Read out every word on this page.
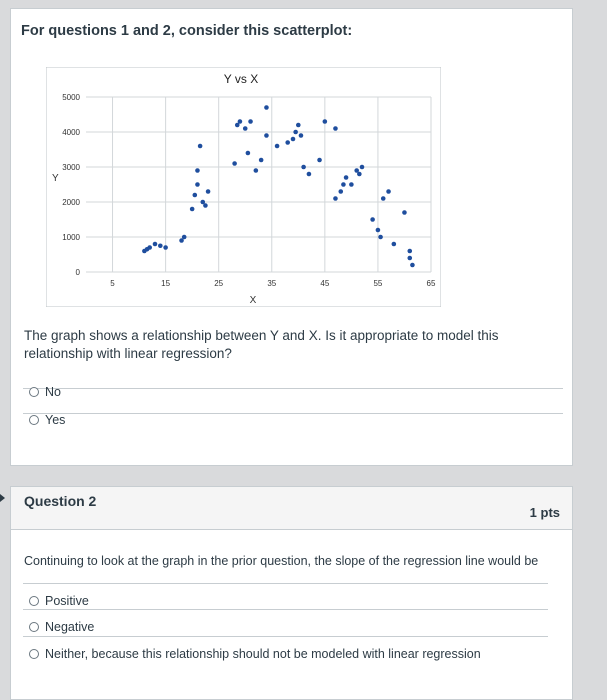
For questions 1 and 2, consider this scatterplot:
Y vs X
Y
X
0
1000
2000
3000
4000
5000
5	15	25	35	45	55	65
The graph shows a relationship between Y and X. Is it appropriate to model this relationship with linear regression?
No
Yes
Question 2
1 pts
Continuing to look at the graph in the prior question, the slope of the regression line would be
Positive
Negative
Neither, because this relationship should not be modeled with linear regression
